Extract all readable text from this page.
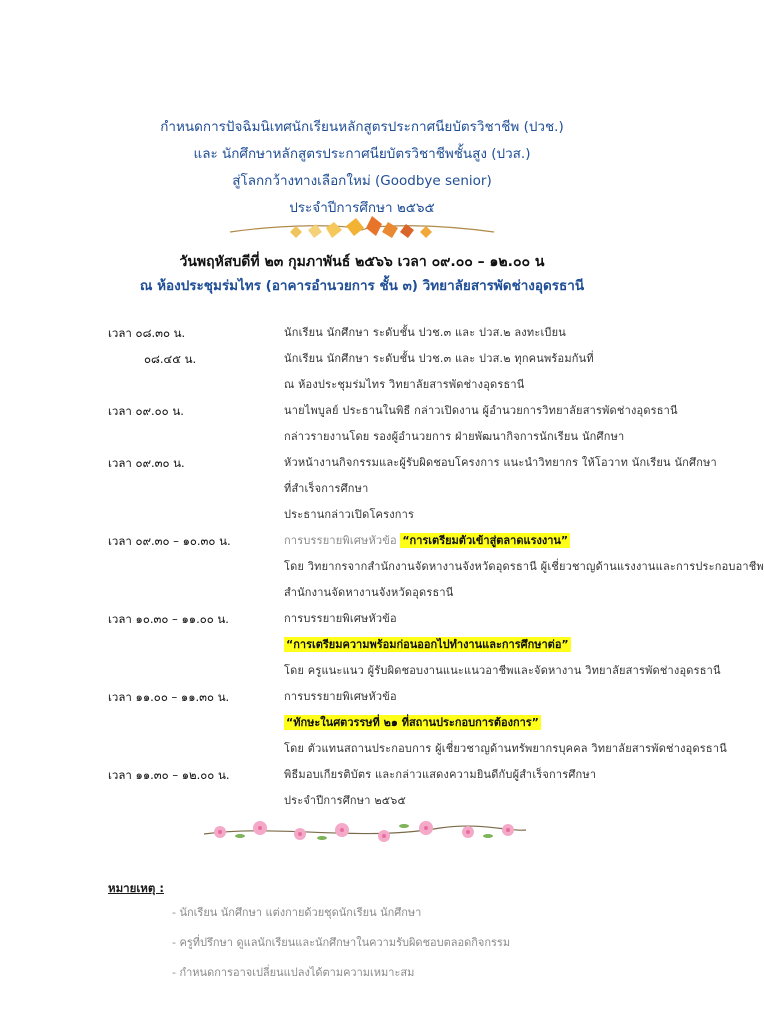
กำหนดการปัจฉิมนิเทศนักเรียนหลักสูตรประกาศนียบัตรวิชาชีพ (ปวช.)
และ นักศึกษาหลักสูตรประกาศนียบัตรวิชาชีพชั้นสูง (ปวส.)
สู่โลกกว้างทางเลือกใหม่ (Goodbye senior)
ประจำปีการศึกษา ๒๕๖๕
วันพฤหัสบดีที่ ๒๓ กุมภาพันธ์ ๒๕๖๖ เวลา ๐๙.๐๐ – ๑๒.๐๐ น
ณ ห้องประชุมร่มไทร (อาคารอำนวยการ ชั้น ๓) วิทยาลัยสารพัดช่างอุดรธานี
เวลา ๐๘.๓๐ น.	นักเรียน นักศึกษา ระดับชั้น ปวช.๓ และ ปวส.๒ ลงทะเบียน
๐๘.๔๕ น.	นักเรียน นักศึกษา ระดับชั้น ปวช.๓ และ ปวส.๒ ทุกคนพร้อมกันที่
ณ ห้องประชุมร่มไทร วิทยาลัยสารพัดช่างอุดรธานี
เวลา ๐๙.๐๐ น.	นายไพบูลย์ ประธานในพิธี กล่าวเปิดงาน ผู้อำนวยการวิทยาลัยสารพัดช่างอุดรธานี
กล่าวรายงานโดย รองผู้อำนวยการ ฝ่ายพัฒนากิจการนักเรียน นักศึกษา
เวลา ๐๙.๓๐ น.	หัวหน้างานกิจกรรมและผู้รับผิดชอบโครงการ แนะนำวิทยากร ให้โอวาท นักเรียน นักศึกษา
ที่สำเร็จการศึกษา
ประธานกล่าวเปิดโครงการ
เวลา ๐๙.๓๐ – ๑๐.๓๐ น.	การบรรยายพิเศษหัวข้อ “การเตรียมตัวเข้าสู่ตลาดแรงงาน”
โดย วิทยากรจากสำนักงานจัดหางานจังหวัดอุดรธานี ผู้เชี่ยวชาญด้านแรงงานและการประกอบอาชีพ
สำนักงานจัดหางานจังหวัดอุดรธานี
เวลา ๑๐.๓๐ – ๑๑.๐๐ น.	การบรรยายพิเศษหัวข้อ
“การเตรียมความพร้อมก่อนออกไปทำงานและการศึกษาต่อ”
โดย ครูแนะแนว ผู้รับผิดชอบงานแนะแนวอาชีพและจัดหางาน วิทยาลัยสารพัดช่างอุดรธานี
เวลา ๑๑.๐๐ – ๑๑.๓๐ น.	การบรรยายพิเศษหัวข้อ
“ทักษะในศตวรรษที่ ๒๑ ที่สถานประกอบการต้องการ”
โดย ตัวแทนสถานประกอบการ ผู้เชี่ยวชาญด้านทรัพยากรบุคคล วิทยาลัยสารพัดช่างอุดรธานี
เวลา ๑๑.๓๐ – ๑๒.๐๐ น.	พิธีมอบเกียรติบัตร และกล่าวแสดงความยินดีกับผู้สำเร็จการศึกษา
ประจำปีการศึกษา ๒๕๖๕
หมายเหตุ :
- นักเรียน นักศึกษา แต่งกายด้วยชุดนักเรียน นักศึกษา
- ครูที่ปรึกษา ดูแลนักเรียนและนักศึกษาในความรับผิดชอบตลอดกิจกรรม
- กำหนดการอาจเปลี่ยนแปลงได้ตามความเหมาะสม
